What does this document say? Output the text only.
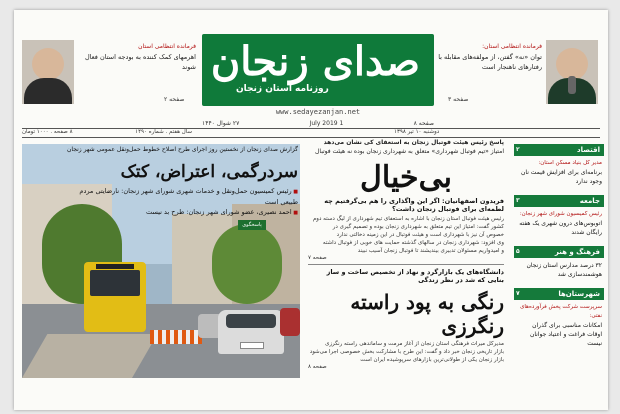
فرمانده انتظامی استان
اهرمهای کمک کننده به بودجه استان فعال شوند
صفحه ۲
صدای زنجان
روزنامه استان زنجان
www.sedayezanjan.net
صفحه ۸
1 July 2019
۲۷ شوال ۱۴۴۰
فرمانده انتظامی استان:
توان «نه» گفتن، از مولفه‌های مقابله با رفتارهای ناهنجار است
صفحه ۳
سال هفتم . شماره ۱۴۹۰
۸ صفحه . ۱۰۰۰ تومان	دوشنبه ۱۰ تیر ۱۳۹۸
پاسخگوی
گزارش صدای زنجان از نخستین روز اجرای طرح اصلاح خطوط حمل‌ونقل عمومی شهر زنجان
سردرگمی، اعتراض، کتک
■ رئیس کمیسیون حمل‌ونقل و خدمات شهری شورای شهر زنجان: نارضایتی مردم طبیعی است
■ احمد نصیری، عضو شورای شهر زنجان: طرح بد نیست
پاسخ رئیس هیئت فوتبال زنجان به استعفای کی نشان می‌دهد
امتیاز «تیم فوتبال شهرداری» متعلق به شهرداری زنجان بوده نه هیئت فوتبال
بی‌خیال
فریدون اصفهانیان: اگر این واگذاری را هم بی‌گرفتیم چه لطمه‌ای برای فوتبال زنجان داشت؟
رئیس هیئت فوتبال استان زنجان با اشاره به استعفای تیم شهرداری از لیگ دسته دوم
کشور گفت: امتیاز این تیم متعلق به شهرداری زنجان بوده و تصمیم گیری در
خصوص آن نیز با شهرداری است و هیئت فوتبال در این زمینه دخالتی ندارد
وی افزود: شهرداری زنجان در سالهای گذشته حمایت های خوبی از فوتبال داشته
و امیدواریم مسئولان تدبیری بیندیشند تا فوتبال زنجان آسیب نبیند
صفحه ۷
دانشگاه‌های یک بازارگرد و نهاد از تخصیص ساخت و ساز بنایی که شد در نظر زندگی
رنگی به پود راسته رنگرزی
مدیرکل میراث فرهنگی استان زنجان از آغاز مرمت و ساماندهی راسته رنگرزی
بازار تاریخی زنجان خبر داد و گفت: این طرح با مشارکت بخش خصوصی اجرا می‌شود
بازار زنجان یکی از طولانی‌ترین بازارهای سرپوشیده ایران است
صفحه ۸
اقتصاد
۲
مدیر کل بنیاد مسکن استان:
برنامه‌ای برای افزایش قیمت نان وجود ندارد
جامعه
۳
رئیس کمیسیون شورای شهر زنجان:
اتوبوس‌های درون شهری یک هفته رایگان شدند
فرهنگ و هنر
۵
۳۲ درصد مدارس استان زنجان هوشمندسازی شد
شهرستان‌ها
۷
سرپرست شرکت پخش فرآورده‌های نفتی:
امکانات مناسبی برای گذران اوقات فراغت و اعتیاد جوانان نیست
